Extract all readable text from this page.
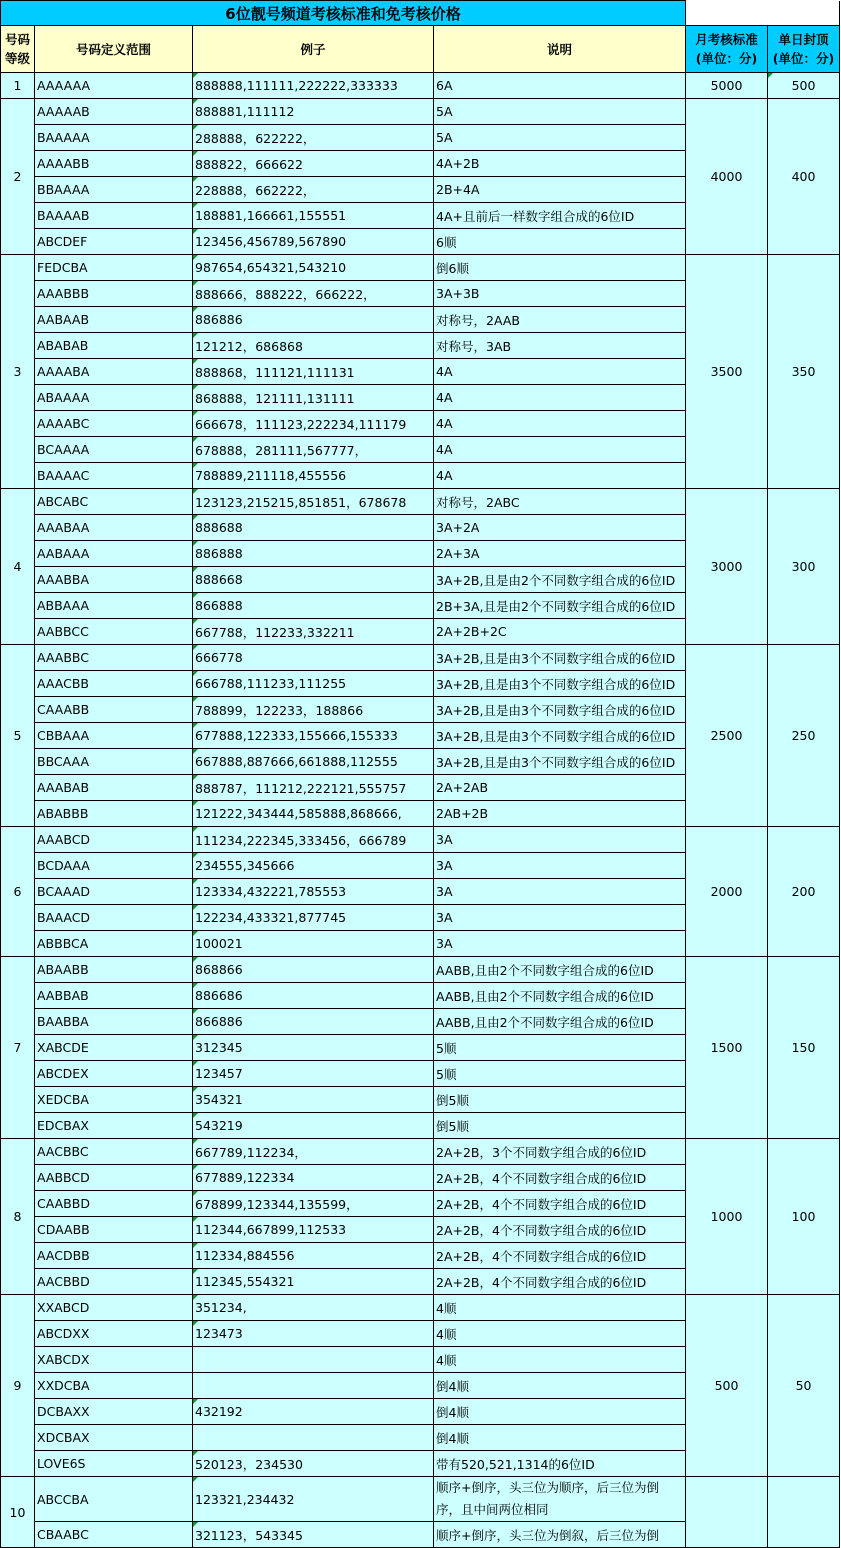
6位靓号频道考核标准和免考核价格					
号码等级	号码定义范围	例子	说明	月考核标准(单位：分)	单日封顶(单位：分)
1	AAAAAA	888888,111111,222222,333333	6A	5000	500
2	AAAAAB	888881,111112	5A	4000	400
	BAAAAA	288888，622222，	5A		
	AAAABB	888822，666622	4A+2B		
	BBAAAA	228888，662222，	2B+4A		
	BAAAAB	188881,166661,155551	4A+且前后一样数字组合成的6位ID		
	ABCDEF	123456,456789,567890	6顺		
3	FEDCBA	987654,654321,543210	倒6顺	3500	350
	AAABBB	888666，888222，666222，	3A+3B		
	AABAAB	886886	对称号，2AAB		
	ABABAB	121212，686868	对称号，3AB		
	AAAABA	888868，111121,111131	4A		
	ABAAAA	868888，121111,131111	4A		
	AAAABC	666678，111123,222234,111179	4A		
	BCAAAA	678888，281111,567777，	4A		
	BAAAAC	788889,211118,455556	4A		
4	ABCABC	123123,215215,851851，678678	对称号，2ABC	3000	300
	AAABAA	888688	3A+2A		
	AABAAA	886888	2A+3A		
	AAABBA	888668	3A+2B,且是由2个不同数字组合成的6位ID		
	ABBAAA	866888	2B+3A,且是由2个不同数字组合成的6位ID		
	AABBCC	667788，112233,332211	2A+2B+2C		
5	AAABBC	666778	3A+2B,且是由3个不同数字组合成的6位ID	2500	250
	AAACBB	666788,111233,111255	3A+2B,且是由3个不同数字组合成的6位ID		
	CAAABB	788899，122233，188866	3A+2B,且是由3个不同数字组合成的6位ID		
	CBBAAA	677888,122333,155666,155333	3A+2B,且是由3个不同数字组合成的6位ID		
	BBCAAA	667888,887666,661888,112555	3A+2B,且是由3个不同数字组合成的6位ID		
	AAABAB	888787，111212,222121,555757	2A+2AB		
	ABABBB	121222,343444,585888,868666,	2AB+2B		
6	AAABCD	111234,222345,333456，666789	3A	2000	200
	BCDAAA	234555,345666	3A		
	BCAAAD	123334,432221,785553	3A		
	BAAACD	122234,433321,877745	3A		
	ABBBCA	100021	3A		
7	ABAABB	868866	AABB,且由2个不同数字组合成的6位ID	1500	150
	AABBAB	886686	AABB,且由2个不同数字组合成的6位ID		
	BAABBA	866886	AABB,且由2个不同数字组合成的6位ID		
	XABCDE	312345	5顺		
	ABCDEX	123457	5顺		
	XEDCBA	354321	倒5顺		
	EDCBAX	543219	倒5顺		
8	AACBBC	667789,112234，	2A+2B，3个不同数字组合成的6位ID	1000	100
	AABBCD	677889,122334	2A+2B，4个不同数字组合成的6位ID		
	CAABBD	678899,123344,135599，	2A+2B，4个不同数字组合成的6位ID		
	CDAABB	112344,667899,112533	2A+2B，4个不同数字组合成的6位ID		
	AACDBB	112334,884556	2A+2B，4个不同数字组合成的6位ID		
	AACBBD	112345,554321	2A+2B，4个不同数字组合成的6位ID		
9	XXABCD	351234,	4顺	500	50
	ABCDXX	123473	4顺		
	XABCDX		4顺		
	XXDCBA		倒4顺		
	DCBAXX	432192	倒4顺		
	XDCBAX		倒4顺		
	LOVE6S	520123，234530	带有520,521,1314的6位ID		
10	ABCCBA	123321,234432	顺序+倒序，头三位为顺序，后三位为倒序，且中间两位相同		
	CBAABC	321123，543345	顺序+倒序，头三位为倒叙，后三位为倒		
